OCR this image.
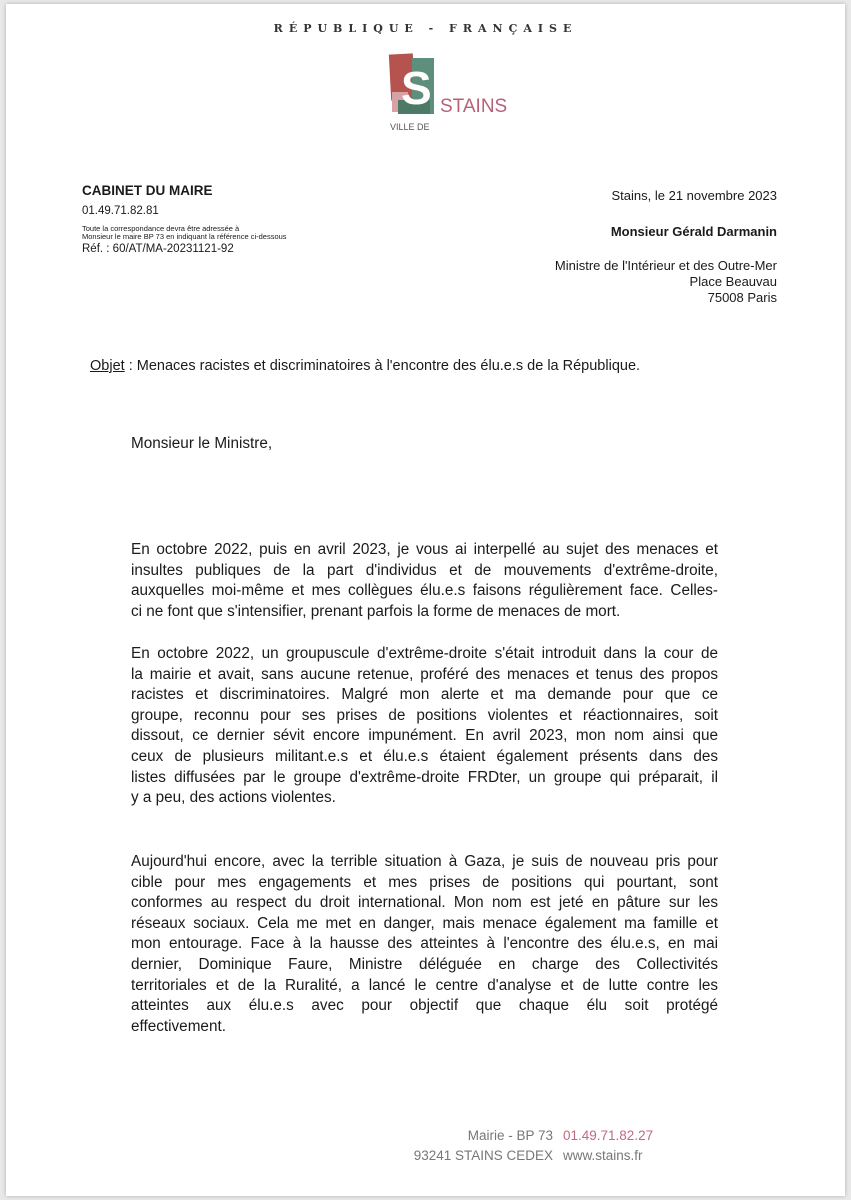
RÉPUBLIQUE - FRANÇAISE
S STAINS
VILLE DE
CABINET DU MAIRE
01.49.71.82.81
Toute la correspondance devra être adressée à
Monsieur le maire BP 73 en indiquant la référence ci-dessous
Réf. : 60/AT/MA-20231121-92
Stains, le 21 novembre 2023
Monsieur Gérald Darmanin
Ministre de l'Intérieur et des Outre-Mer
Place Beauvau
75008 Paris
Objet : Menaces racistes et discriminatoires à l'encontre des élu.e.s de la République.
Monsieur le Ministre,
En octobre 2022, puis en avril 2023, je vous ai interpellé au sujet des menaces et
insultes publiques de la part d'individus et de mouvements d'extrême-droite,
auxquelles moi-même et mes collègues élu.e.s faisons régulièrement face. Celles-
ci ne font que s'intensifier, prenant parfois la forme de menaces de mort.
En octobre 2022, un groupuscule d'extrême-droite s'était introduit dans la cour de
la mairie et avait, sans aucune retenue, proféré des menaces et tenus des propos
racistes et discriminatoires. Malgré mon alerte et ma demande pour que ce
groupe, reconnu pour ses prises de positions violentes et réactionnaires, soit
dissout, ce dernier sévit encore impunément. En avril 2023, mon nom ainsi que
ceux de plusieurs militant.e.s et élu.e.s étaient également présents dans des
listes diffusées par le groupe d'extrême-droite FRDter, un groupe qui préparait, il
y a peu, des actions violentes.
Aujourd'hui encore, avec la terrible situation à Gaza, je suis de nouveau pris pour
cible pour mes engagements et mes prises de positions qui pourtant, sont
conformes au respect du droit international. Mon nom est jeté en pâture sur les
réseaux sociaux. Cela me met en danger, mais menace également ma famille et
mon entourage. Face à la hausse des atteintes à l'encontre des élu.e.s, en mai
dernier, Dominique Faure, Ministre déléguée en charge des Collectivités
territoriales et de la Ruralité, a lancé le centre d'analyse et de lutte contre les
atteintes aux élu.e.s avec pour objectif que chaque élu soit protégé
effectivement.
Mairie - BP 73
93241 STAINS CEDEX
01.49.71.82.27
www.stains.fr
